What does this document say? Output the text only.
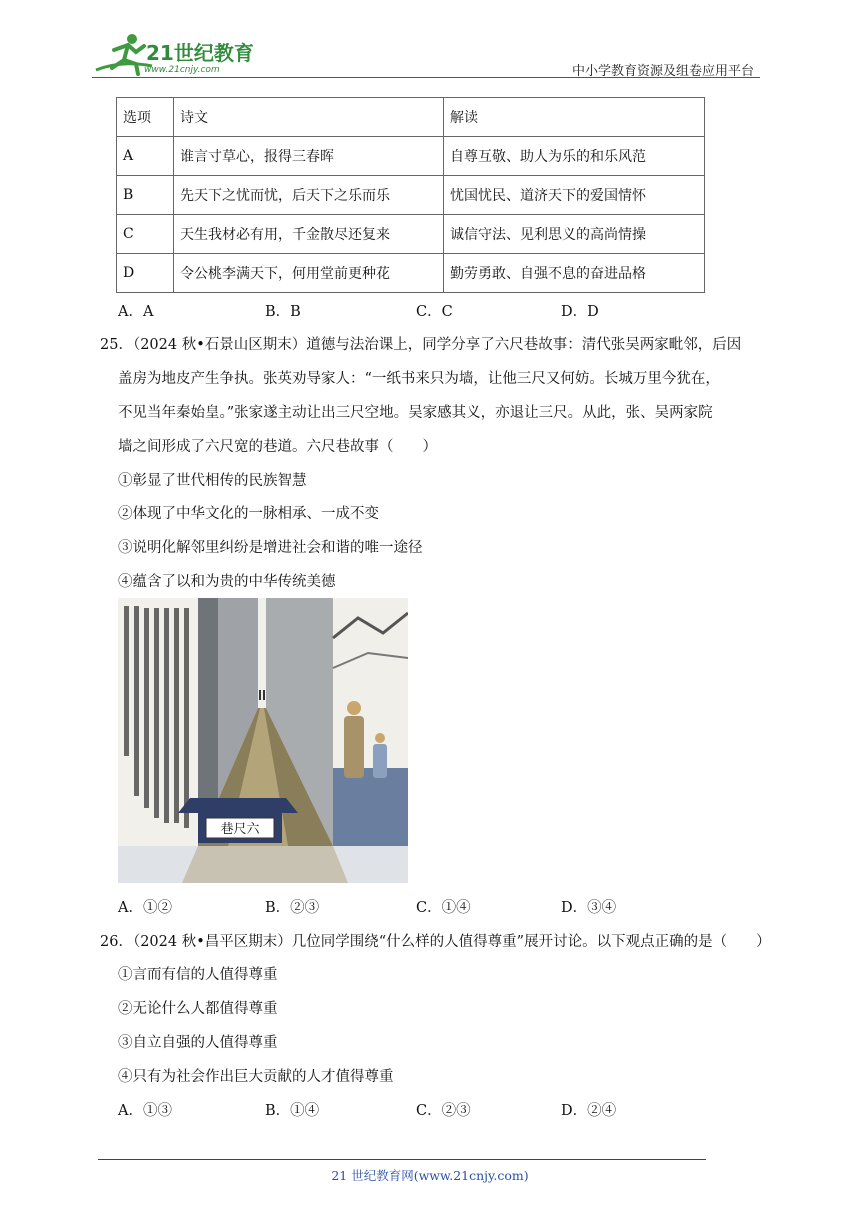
21世纪教育
www.21cnjy.com	中小学教育资源及组卷应用平台
选项	诗文	解读
A	谁言寸草心，报得三春晖	自尊互敬、助人为乐的和乐风范
B	先天下之忧而忧，后天下之乐而乐	忧国忧民、道济天下的爱国情怀
C	天生我材必有用，千金散尽还复来	诚信守法、见利思义的高尚情操
D	令公桃李满天下，何用堂前更种花	勤劳勇敢、自强不息的奋进品格
A．A	B．B	C．C	D．D
25．（2024 秋•石景山区期末）道德与法治课上，同学分享了六尺巷故事：清代张吴两家毗邻，后因
盖房为地皮产生争执。张英劝导家人：“一纸书来只为墙，让他三尺又何妨。长城万里今犹在，
不见当年秦始皇。”张家遂主动让出三尺空地。吴家感其义，亦退让三尺。从此，张、吴两家院
墙之间形成了六尺宽的巷道。六尺巷故事（　　）
①彰显了世代相传的民族智慧
②体现了中华文化的一脉相承、一成不变
③说明化解邻里纠纷是增进社会和谐的唯一途径
④蕴含了以和为贵的中华传统美德
巷尺六
A．①②	B．②③	C．①④	D．③④
26．（2024 秋•昌平区期末）几位同学围绕“什么样的人值得尊重”展开讨论。以下观点正确的是（　　）
①言而有信的人值得尊重
②无论什么人都值得尊重
③自立自强的人值得尊重
④只有为社会作出巨大贡献的人才值得尊重
A．①③	B．①④	C．②③	D．②④
21 世纪教育网(www.21cnjy.com)
